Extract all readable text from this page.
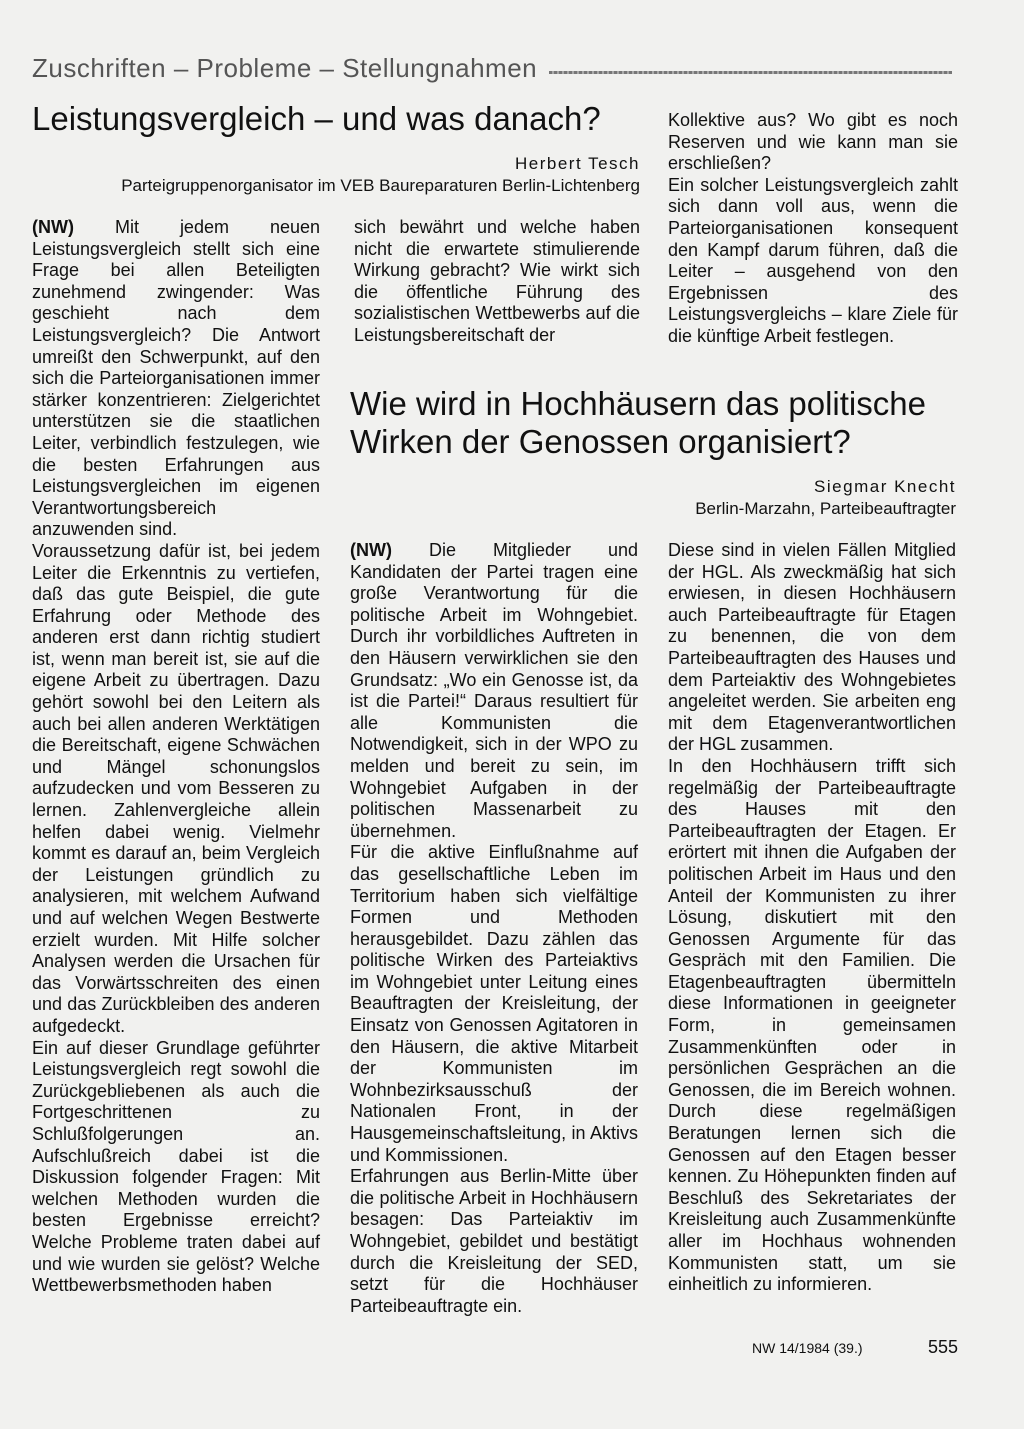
Zuschriften – Probleme – Stellungnahmen
Leistungsvergleich – und was danach?
Herbert Tesch
Parteigruppenorganisator im VEB Baureparaturen Berlin-Lichtenberg

(NW) Mit jedem neuen Leistungsvergleich stellt sich eine Frage bei allen Beteiligten zunehmend zwingender: Was geschieht nach dem Leistungsvergleich? Die Antwort umreißt den Schwerpunkt, auf den sich die Parteiorganisationen immer stärker konzentrieren: Zielgerichtet unterstützen sie die staatlichen Leiter, verbindlich festzulegen, wie die besten Erfahrungen aus Leistungsvergleichen im eigenen Verantwortungsbereich anzuwenden sind.

Voraussetzung dafür ist, bei jedem Leiter die Erkenntnis zu vertiefen, daß das gute Beispiel, die gute Erfahrung oder Methode des anderen erst dann richtig studiert ist, wenn man bereit ist, sie auf die eigene Arbeit zu übertragen. Dazu gehört sowohl bei den Leitern als auch bei allen anderen Werktätigen die Bereitschaft, eigene Schwächen und Mängel schonungslos aufzudecken und vom Besseren zu lernen. Zahlenvergleiche allein helfen dabei wenig. Vielmehr kommt es darauf an, beim Vergleich der Leistungen gründlich zu analysieren, mit welchem Aufwand und auf welchen Wegen Bestwerte erzielt wurden. Mit Hilfe solcher Analysen werden die Ursachen für das Vorwärtsschreiten des einen und das Zurückbleiben des anderen aufgedeckt.

Ein auf dieser Grundlage geführter Leistungsvergleich regt sowohl die Zurückgebliebenen als auch die Fortgeschrittenen zu Schlußfolgerungen an. Aufschlußreich dabei ist die Diskussion folgender Fragen: Mit welchen Methoden wurden die besten Ergebnisse erreicht? Welche Probleme traten dabei auf und wie wurden sie gelöst? Welche Wettbewerbsmethoden haben

sich bewährt und welche haben nicht die erwartete stimulierende Wirkung gebracht? Wie wirkt sich die öffentliche Führung des sozialistischen Wettbewerbs auf die Leistungsbereitschaft der

Kollektive aus? Wo gibt es noch Reserven und wie kann man sie erschließen?

Ein solcher Leistungsvergleich zahlt sich dann voll aus, wenn die Parteiorganisationen konsequent den Kampf darum führen, daß die Leiter – ausgehend von den Ergebnissen des Leistungsvergleichs – klare Ziele für die künftige Arbeit festlegen.

Wie wird in Hochhäusern das politische Wirken der Genossen organisiert?
Siegmar Knecht
Berlin-Marzahn, Parteibeauftragter

(NW) Die Mitglieder und Kandidaten der Partei tragen eine große Verantwortung für die politische Arbeit im Wohngebiet. Durch ihr vorbildliches Auftreten in den Häusern verwirklichen sie den Grundsatz: „Wo ein Genosse ist, da ist die Partei!“ Daraus resultiert für alle Kommunisten die Notwendigkeit, sich in der WPO zu melden und bereit zu sein, im Wohngebiet Aufgaben in der politischen Massenarbeit zu übernehmen.

Für die aktive Einflußnahme auf das gesellschaftliche Leben im Territorium haben sich vielfältige Formen und Methoden herausgebildet. Dazu zählen das politische Wirken des Parteiaktivs im Wohngebiet unter Leitung eines Beauftragten der Kreisleitung, der Einsatz von Genossen Agitatoren in den Häusern, die aktive Mitarbeit der Kommunisten im Wohnbezirksausschuß der Nationalen Front, in der Hausgemeinschaftsleitung, in Aktivs und Kommissionen.

Erfahrungen aus Berlin-Mitte über die politische Arbeit in Hochhäusern besagen: Das Parteiaktiv im Wohngebiet, gebildet und bestätigt durch die Kreisleitung der SED, setzt für die Hochhäuser Parteibeauftragte ein.

Diese sind in vielen Fällen Mitglied der HGL. Als zweckmäßig hat sich erwiesen, in diesen Hochhäusern auch Parteibeauftragte für Etagen zu benennen, die von dem Parteibeauftragten des Hauses und dem Parteiaktiv des Wohngebietes angeleitet werden. Sie arbeiten eng mit dem Etagenverantwortlichen der HGL zusammen.

In den Hochhäusern trifft sich regelmäßig der Parteibeauftragte des Hauses mit den Parteibeauftragten der Etagen. Er erörtert mit ihnen die Aufgaben der politischen Arbeit im Haus und den Anteil der Kommunisten zu ihrer Lösung, diskutiert mit den Genossen Argumente für das Gespräch mit den Familien. Die Etagenbeauftragten übermitteln diese Informationen in geeigneter Form, in gemeinsamen Zusammenkünften oder in persönlichen Gesprächen an die Genossen, die im Bereich wohnen. Durch diese regelmäßigen Beratungen lernen sich die Genossen auf den Etagen besser kennen. Zu Höhepunkten finden auf Beschluß des Sekretariates der Kreisleitung auch Zusammenkünfte aller im Hochhaus wohnenden Kommunisten statt, um sie einheitlich zu informieren.

NW 14/1984 (39.)	555
